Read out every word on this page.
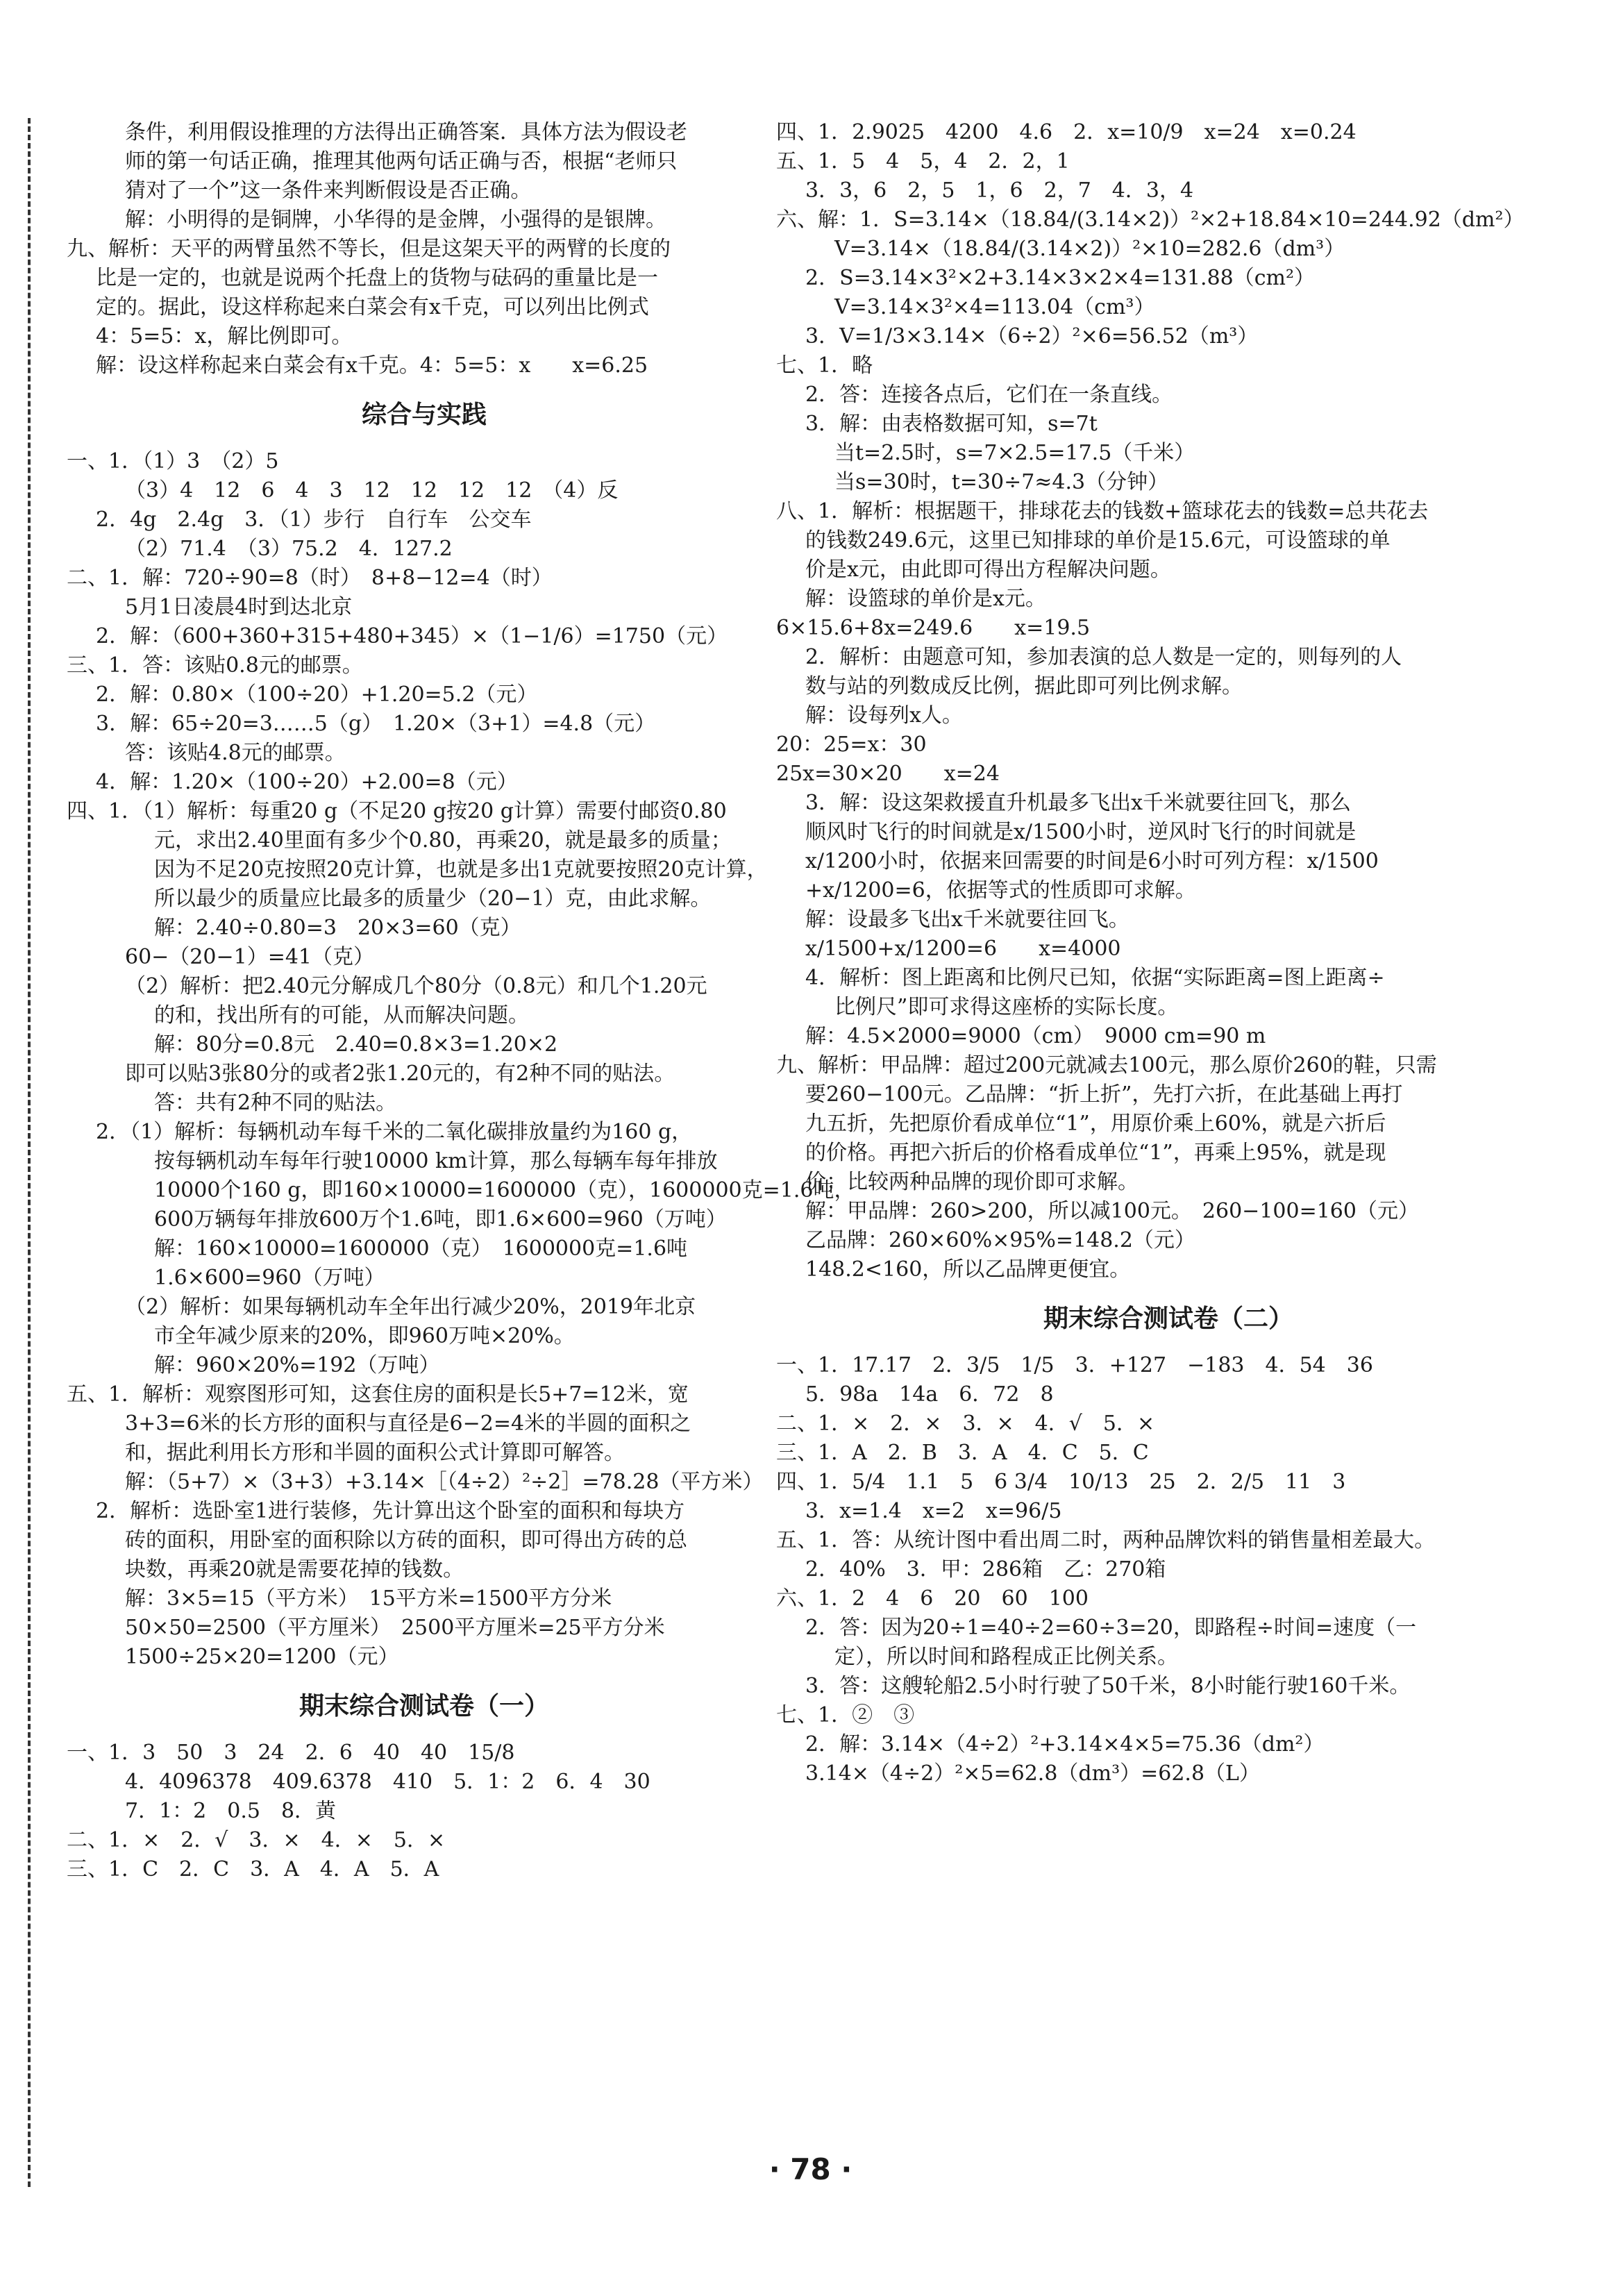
条件，利用假设推理的方法得出正确答案．具体方法为假设老
师的第一句话正确，推理其他两句话正确与否，根据“老师只
猜对了一个”这一条件来判断假设是否正确。
解：小明得的是铜牌，小华得的是金牌，小强得的是银牌。
九、解析：天平的两臂虽然不等长，但是这架天平的两臂的长度的
比是一定的，也就是说两个托盘上的货物与砝码的重量比是一
定的。据此，设这样称起来白菜会有x千克，可以列出比例式
4：5=5：x，解比例即可。
解：设这样称起来白菜会有x千克。4：5=5：x　　x=6.25
综合与实践
一、1．（1）3　（2）5
（3）4　12　6　4　3　12　12　12　12　（4）反
2．4g　2.4g　3．（1）步行　自行车　公交车
（2）71.4　（3）75.2　4．127.2
二、1．解：720÷90=8（时）　8+8−12=4（时）
5月1日凌晨4时到达北京
2．解：（600+360+315+480+345）×（1−1/6）=1750（元）
三、1．答：该贴0.8元的邮票。
2．解：0.80×（100÷20）+1.20=5.2（元）
3．解：65÷20=3……5（g）　1.20×（3+1）=4.8（元）
答：该贴4.8元的邮票。
4．解：1.20×（100÷20）+2.00=8（元）
四、1．（1）解析：每重20 g（不足20 g按20 g计算）需要付邮资0.80
元，求出2.40里面有多少个0.80，再乘20，就是最多的质量；
因为不足20克按照20克计算，也就是多出1克就要按照20克计算，
所以最少的质量应比最多的质量少（20−1）克，由此求解。
解：2.40÷0.80=3　20×3=60（克）
60−（20−1）=41（克）
（2）解析：把2.40元分解成几个80分（0.8元）和几个1.20元
的和，找出所有的可能，从而解决问题。
解：80分=0.8元　2.40=0.8×3=1.20×2
即可以贴3张80分的或者2张1.20元的，有2种不同的贴法。
答：共有2种不同的贴法。
2．（1）解析：每辆机动车每千米的二氧化碳排放量约为160 g，
按每辆机动车每年行驶10000 km计算，那么每辆车每年排放
10000个160 g，即160×10000=1600000（克），1600000克=1.6吨，
600万辆每年排放600万个1.6吨，即1.6×600=960（万吨）
解：160×10000=1600000（克）　1600000克=1.6吨
1.6×600=960（万吨）
（2）解析：如果每辆机动车全年出行减少20%，2019年北京
市全年减少原来的20%，即960万吨×20%。
解：960×20%=192（万吨）
五、1．解析：观察图形可知，这套住房的面积是长5+7=12米，宽
3+3=6米的长方形的面积与直径是6−2=4米的半圆的面积之
和，据此利用长方形和半圆的面积公式计算即可解答。
解：（5+7）×（3+3）+3.14×［（4÷2）²÷2］=78.28（平方米）
2．解析：选卧室1进行装修，先计算出这个卧室的面积和每块方
砖的面积，用卧室的面积除以方砖的面积，即可得出方砖的总
块数，再乘20就是需要花掉的钱数。
解：3×5=15（平方米）　15平方米=1500平方分米
50×50=2500（平方厘米）　2500平方厘米=25平方分米
1500÷25×20=1200（元）
期末综合测试卷（一）
一、1．3　50　3　24　2．6　40　40　15/8
4．4096378　409.6378　410　5．1：2　6．4　30
7．1：2　0.5　8．黄
二、1．×　2．√　3．×　4．×　5．×
三、1．C　2．C　3．A　4．A　5．A
四、1．2.9025　4200　4.6　2．x=10/9　x=24　x=0.24
五、1．5　4　5，4　2．2，1
3．3，6　2，5　1，6　2，7　4．3，4
六、解：1．S=3.14×（18.84/(3.14×2)）²×2+18.84×10=244.92（dm²）
V=3.14×（18.84/(3.14×2)）²×10=282.6（dm³）
2．S=3.14×3²×2+3.14×3×2×4=131.88（cm²）
V=3.14×3²×4=113.04（cm³）
3．V=1/3×3.14×（6÷2）²×6=56.52（m³）
七、1．略
2．答：连接各点后，它们在一条直线。
3．解：由表格数据可知，s=7t
当t=2.5时，s=7×2.5=17.5（千米）
当s=30时，t=30÷7≈4.3（分钟）
八、1．解析：根据题干，排球花去的钱数+篮球花去的钱数=总共花去
的钱数249.6元，这里已知排球的单价是15.6元，可设篮球的单
价是x元，由此即可得出方程解决问题。
解：设篮球的单价是x元。
6×15.6+8x=249.6　　x=19.5
2．解析：由题意可知，参加表演的总人数是一定的，则每列的人
数与站的列数成反比例，据此即可列比例求解。
解：设每列x人。
20：25=x：30
25x=30×20　　x=24
3．解：设这架救援直升机最多飞出x千米就要往回飞，那么
顺风时飞行的时间就是x/1500小时，逆风时飞行的时间就是
x/1200小时，依据来回需要的时间是6小时可列方程：x/1500
+x/1200=6，依据等式的性质即可求解。
解：设最多飞出x千米就要往回飞。
x/1500+x/1200=6　　x=4000
4．解析：图上距离和比例尺已知，依据“实际距离=图上距离÷
比例尺”即可求得这座桥的实际长度。
解：4.5×2000=9000（cm）　9000 cm=90 m
九、解析：甲品牌：超过200元就减去100元，那么原价260的鞋，只需
要260−100元。乙品牌：“折上折”，先打六折，在此基础上再打
九五折，先把原价看成单位“1”，用原价乘上60%，就是六折后
的价格。再把六折后的价格看成单位“1”，再乘上95%，就是现
价；比较两种品牌的现价即可求解。
解：甲品牌：260>200，所以减100元。　260−100=160（元）
乙品牌：260×60%×95%=148.2（元）
148.2<160，所以乙品牌更便宜。
期末综合测试卷（二）
一、1．17.17　2．3/5　1/5　3．+127　−183　4．54　36
5．98a　14a　6．72　8
二、1．×　2．×　3．×　4．√　5．×
三、1．A　2．B　3．A　4．C　5．C
四、1．5/4　1.1　5　6 3/4　10/13　25　2．2/5　11　3
3．x=1.4　x=2　x=96/5
五、1．答：从统计图中看出周二时，两种品牌饮料的销售量相差最大。
2．40%　3．甲：286箱　乙：270箱
六、1．2　4　6　20　60　100
2．答：因为20÷1=40÷2=60÷3=20，即路程÷时间=速度（一
定），所以时间和路程成正比例关系。
3．答：这艘轮船2.5小时行驶了50千米，8小时能行驶160千米。
七、1．②　③
2．解：3.14×（4÷2）²+3.14×4×5=75.36（dm²）
3.14×（4÷2）²×5=62.8（dm³）=62.8（L）
· 78 ·
